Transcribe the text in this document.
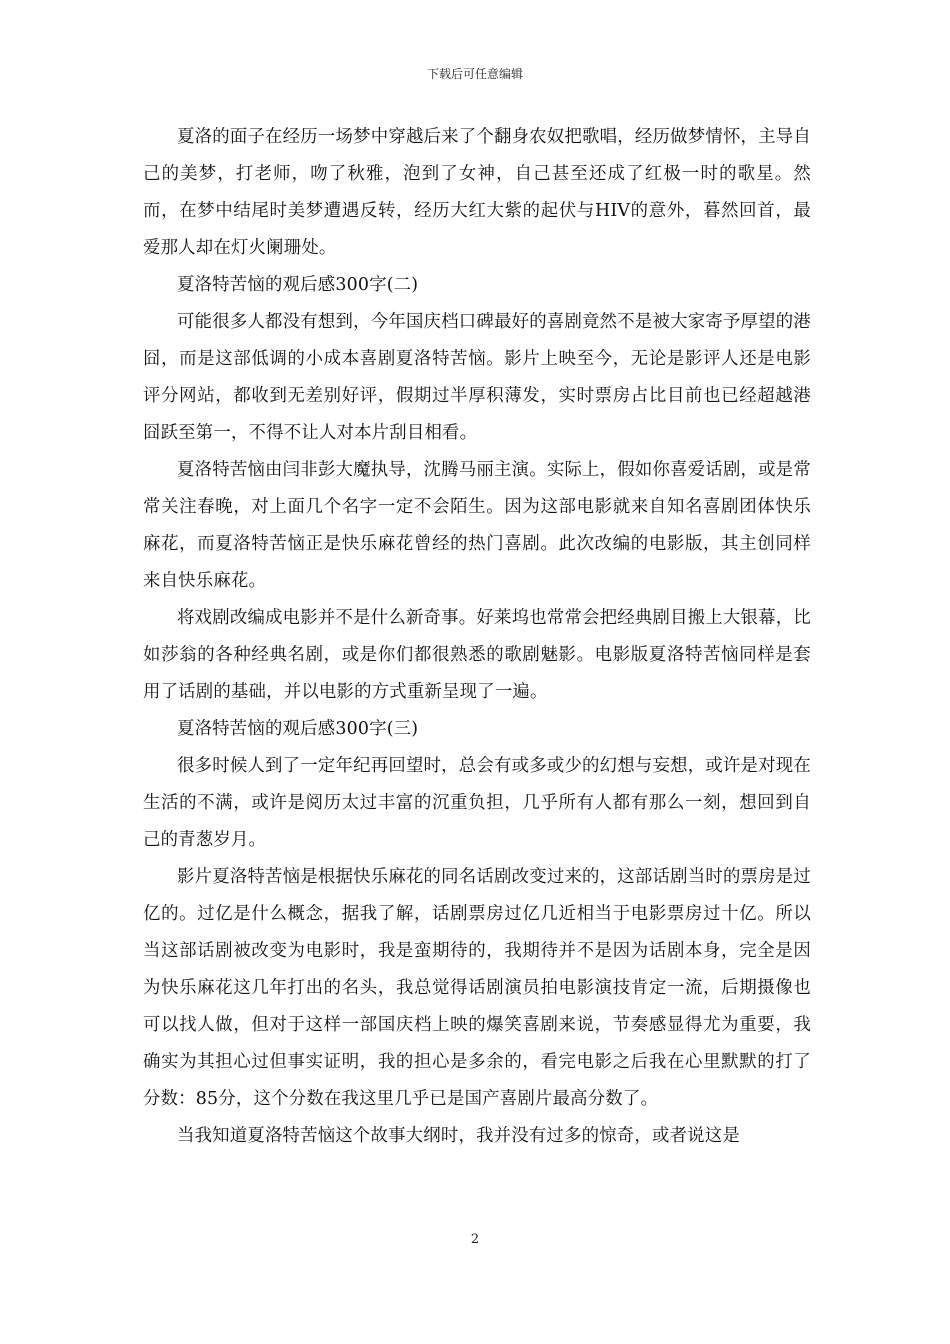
下载后可任意编辑

夏洛的面子在经历一场梦中穿越后来了个翻身农奴把歌唱，经历做梦情怀，主导自己的美梦，打老师，吻了秋雅，泡到了女神，自己甚至还成了红极一时的歌星。然而，在梦中结尾时美梦遭遇反转，经历大红大紫的起伏与HIV的意外，暮然回首，最爱那人却在灯火阑珊处。

夏洛特苦恼的观后感300字(二)

可能很多人都没有想到，今年国庆档口碑最好的喜剧竟然不是被大家寄予厚望的港囧，而是这部低调的小成本喜剧夏洛特苦恼。影片上映至今，无论是影评人还是电影评分网站，都收到无差别好评，假期过半厚积薄发，实时票房占比目前也已经超越港囧跃至第一，不得不让人对本片刮目相看。

夏洛特苦恼由闫非彭大魔执导，沈腾马丽主演。实际上，假如你喜爱话剧，或是常常关注春晚，对上面几个名字一定不会陌生。因为这部电影就来自知名喜剧团体快乐麻花，而夏洛特苦恼正是快乐麻花曾经的热门喜剧。此次改编的电影版，其主创同样来自快乐麻花。

将戏剧改编成电影并不是什么新奇事。好莱坞也常常会把经典剧目搬上大银幕，比如莎翁的各种经典名剧，或是你们都很熟悉的歌剧魅影。电影版夏洛特苦恼同样是套用了话剧的基础，并以电影的方式重新呈现了一遍。

夏洛特苦恼的观后感300字(三)

很多时候人到了一定年纪再回望时，总会有或多或少的幻想与妄想，或许是对现在生活的不满，或许是阅历太过丰富的沉重负担，几乎所有人都有那么一刻，想回到自己的青葱岁月。

影片夏洛特苦恼是根据快乐麻花的同名话剧改变过来的，这部话剧当时的票房是过亿的。过亿是什么概念，据我了解，话剧票房过亿几近相当于电影票房过十亿。所以当这部话剧被改变为电影时，我是蛮期待的，我期待并不是因为话剧本身，完全是因为快乐麻花这几年打出的名头，我总觉得话剧演员拍电影演技肯定一流，后期摄像也可以找人做，但对于这样一部国庆档上映的爆笑喜剧来说，节奏感显得尤为重要，我确实为其担心过但事实证明，我的担心是多余的，看完电影之后我在心里默默的打了分数：85分，这个分数在我这里几乎已是国产喜剧片最高分数了。

当我知道夏洛特苦恼这个故事大纲时，我并没有过多的惊奇，或者说这是

2
